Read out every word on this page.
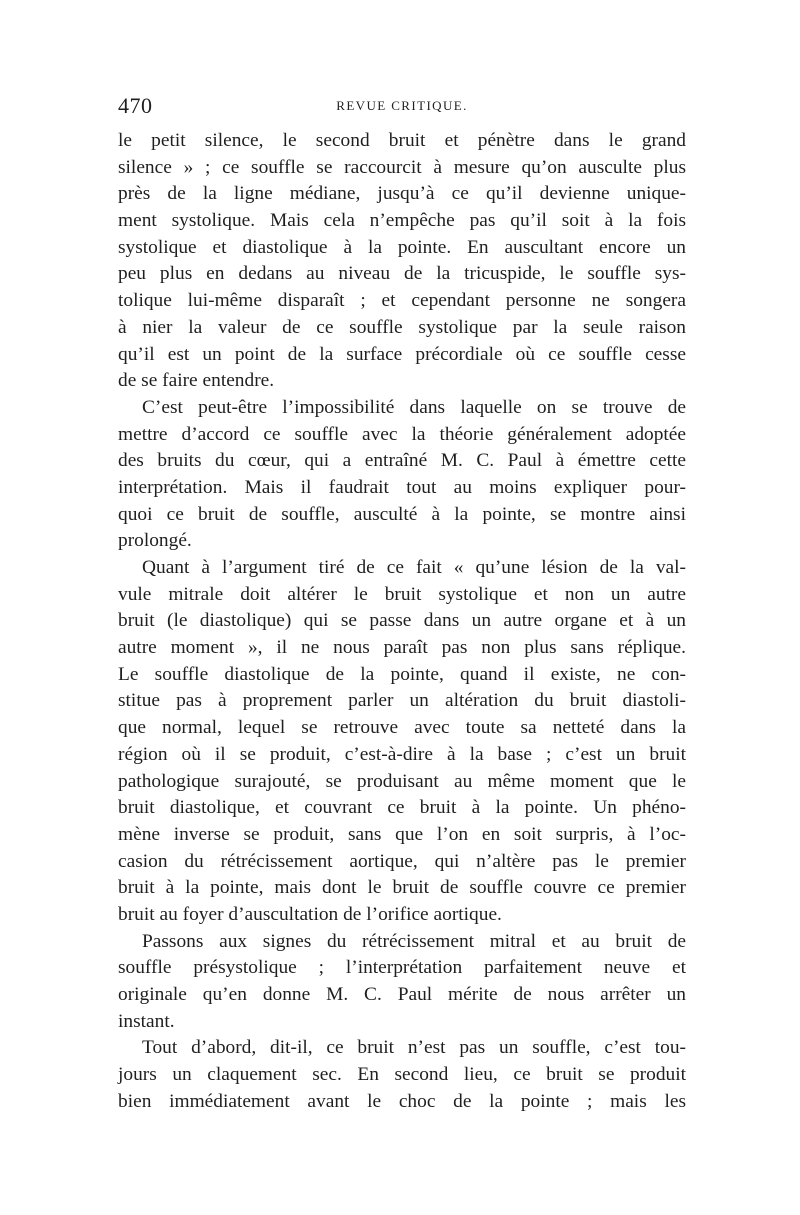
470	REVUE CRITIQUE.
le petit silence, le second bruit et pénètre dans le grand
silence » ; ce souffle se raccourcit à mesure qu’on ausculte plus
près de la ligne médiane, jusqu’à ce qu’il devienne unique-
ment systolique. Mais cela n’empêche pas qu’il soit à la fois
systolique et diastolique à la pointe. En auscultant encore un
peu plus en dedans au niveau de la tricuspide, le souffle sys-
tolique lui-même disparaît ; et cependant personne ne songera
à nier la valeur de ce souffle systolique par la seule raison
qu’il est un point de la surface précordiale où ce souffle cesse
de se faire entendre.
C’est peut-être l’impossibilité dans laquelle on se trouve de
mettre d’accord ce souffle avec la théorie généralement adoptée
des bruits du cœur, qui a entraîné M. C. Paul à émettre cette
interprétation. Mais il faudrait tout au moins expliquer pour-
quoi ce bruit de souffle, ausculté à la pointe, se montre ainsi
prolongé.
Quant à l’argument tiré de ce fait « qu’une lésion de la val-
vule mitrale doit altérer le bruit systolique et non un autre
bruit (le diastolique) qui se passe dans un autre organe et à un
autre moment », il ne nous paraît pas non plus sans réplique.
Le souffle diastolique de la pointe, quand il existe, ne con-
stitue pas à proprement parler un altération du bruit diastoli-
que normal, lequel se retrouve avec toute sa netteté dans la
région où il se produit, c’est-à-dire à la base ; c’est un bruit
pathologique surajouté, se produisant au même moment que le
bruit diastolique, et couvrant ce bruit à la pointe. Un phéno-
mène inverse se produit, sans que l’on en soit surpris, à l’oc-
casion du rétrécissement aortique, qui n’altère pas le premier
bruit à la pointe, mais dont le bruit de souffle couvre ce premier
bruit au foyer d’auscultation de l’orifice aortique.
Passons aux signes du rétrécissement mitral et au bruit de
souffle présystolique ; l’interprétation parfaitement neuve et
originale qu’en donne M. C. Paul mérite de nous arrêter un
instant.
Tout d’abord, dit-il, ce bruit n’est pas un souffle, c’est tou-
jours un claquement sec. En second lieu, ce bruit se produit
bien immédiatement avant le choc de la pointe ; mais les
